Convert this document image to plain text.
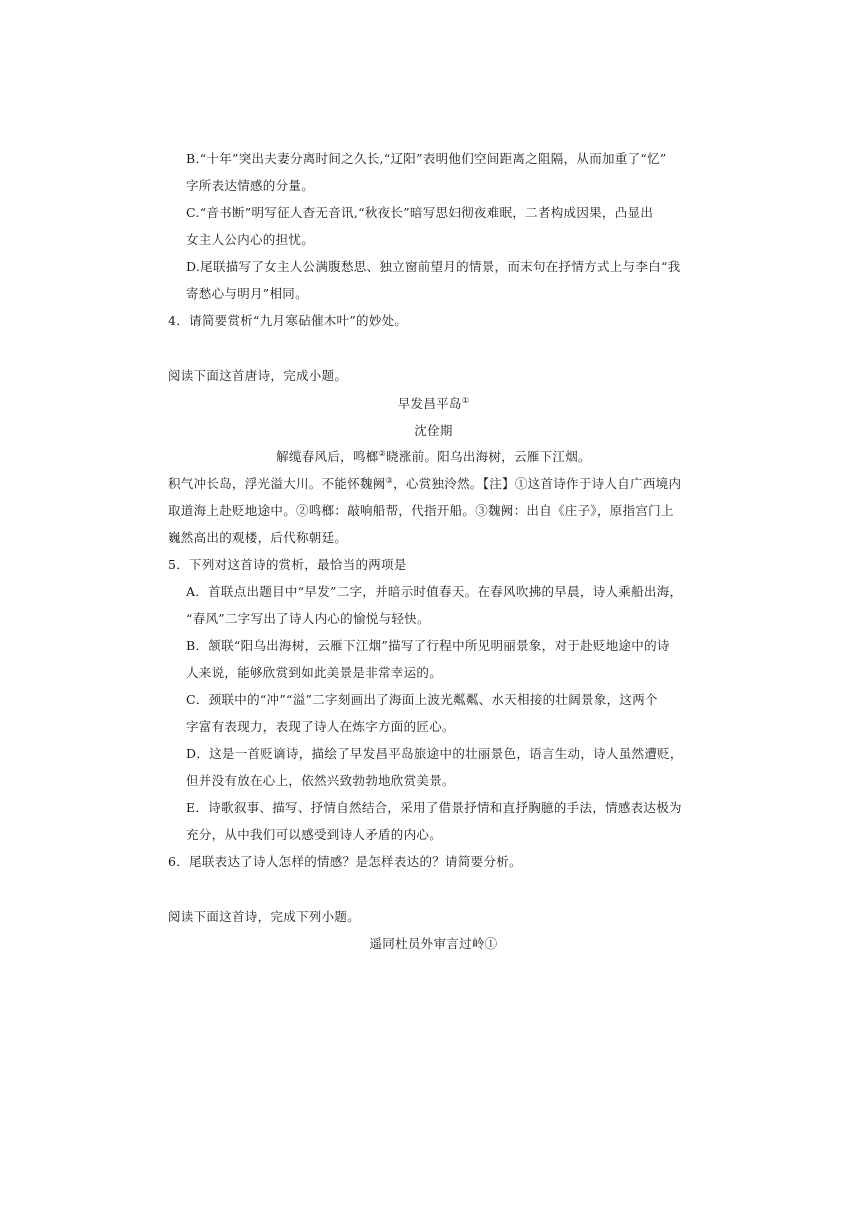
B.“十年”突出夫妻分离时间之久长,“辽阳”表明他们空间距离之阻隔，从而加重了“忆”
字所表达情感的分量。
C.“音书断”明写征人杳无音讯,“秋夜长”暗写思妇彻夜难眠，二者构成因果，凸显出
女主人公内心的担忧。
D.尾联描写了女主人公满腹愁思、独立窗前望月的情景，而末句在抒情方式上与李白“我
寄愁心与明月”相同。
4．请简要赏析“九月寒砧催木叶”的妙处。
阅读下面这首唐诗，完成小题。
早发昌平岛①
沈佺期
解缆春风后，鸣榔②晓涨前。阳乌出海树，云雁下江烟。
积气冲长岛，浮光溢大川。不能怀魏阙③，心赏独泠然。【注】①这首诗作于诗人自广西境内
取道海上赴贬地途中。②鸣榔：敲响船帮，代指开船。③魏阙：出自《庄子》，原指宫门上
巍然高出的观楼，后代称朝廷。
5．下列对这首诗的赏析，最恰当的两项是
A．首联点出题目中“早发”二字，并暗示时值春天。在春风吹拂的早晨，诗人乘船出海，
“春风”二字写出了诗人内心的愉悦与轻快。
B．颔联“阳乌出海树，云雁下江烟”描写了行程中所见明丽景象，对于赴贬地途中的诗
人来说，能够欣赏到如此美景是非常幸运的。
C．颈联中的“冲”“溢”二字刻画出了海面上波光粼粼、水天相接的壮阔景象，这两个
字富有表现力，表现了诗人在炼字方面的匠心。
D．这是一首贬谪诗，描绘了早发昌平岛旅途中的壮丽景色，语言生动，诗人虽然遭贬，
但并没有放在心上，依然兴致勃勃地欣赏美景。
E．诗歌叙事、描写、抒情自然结合，采用了借景抒情和直抒胸臆的手法，情感表达极为
充分，从中我们可以感受到诗人矛盾的内心。
6．尾联表达了诗人怎样的情感？是怎样表达的？请简要分析。
阅读下面这首诗，完成下列小题。
遥同杜员外审言过岭①
